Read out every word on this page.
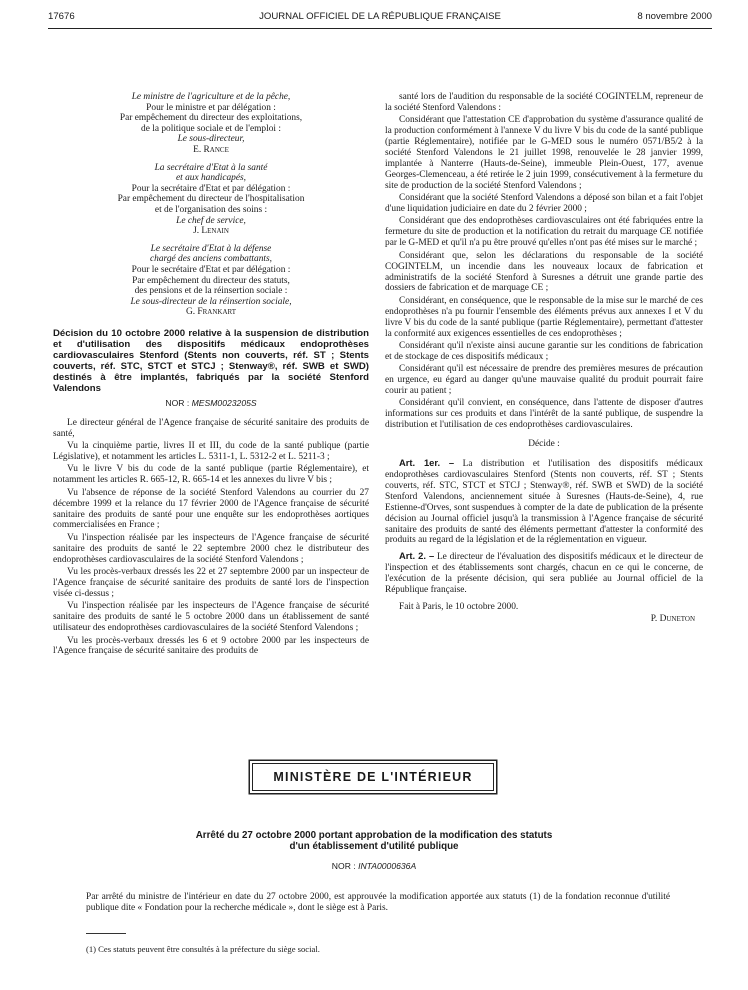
17676	JOURNAL OFFICIEL DE LA RÉPUBLIQUE FRANÇAISE	8 novembre 2000
Le ministre de l'agriculture et de la pêche,
Pour le ministre et par délégation :
Par empêchement du directeur des exploitations,
de la politique sociale et de l'emploi :
Le sous-directeur,
E. Rance
La secrétaire d'Etat à la santé
et aux handicapés,
Pour la secrétaire d'Etat et par délégation :
Par empêchement du directeur de l'hospitalisation
et de l'organisation des soins :
Le chef de service,
J. Lenain
Le secrétaire d'Etat à la défense
chargé des anciens combattants,
Pour le secrétaire d'Etat et par délégation :
Par empêchement du directeur des statuts,
des pensions et de la réinsertion sociale :
Le sous-directeur de la réinsertion sociale,
G. Frankart
Décision du 10 octobre 2000 relative à la suspension de distribution et d'utilisation des dispositifs médicaux endoprothèses cardiovasculaires Stenford (Stents non couverts, réf. ST ; Stents couverts, réf. STC, STCT et STCJ ; Stenway®, réf. SWB et SWD) destinés à être implantés, fabriqués par la société Stenford Valendons
NOR : MESM0023205S

Le directeur général de l'Agence française de sécurité sanitaire des produits de santé,

Vu la cinquième partie, livres II et III, du code de la santé publique (partie Législative), et notamment les articles L. 5311-1, L. 5312-2 et L. 5211-3 ;

Vu le livre V bis du code de la santé publique (partie Réglementaire), et notamment les articles R. 665-12, R. 665-14 et les annexes du livre V bis ;

Vu l'absence de réponse de la société Stenford Valendons au courrier du 27 décembre 1999 et la relance du 17 février 2000 de l'Agence française de sécurité sanitaire des produits de santé pour une enquête sur les endoprothèses aortiques commercialisées en France ;

Vu l'inspection réalisée par les inspecteurs de l'Agence française de sécurité sanitaire des produits de santé le 22 septembre 2000 chez le distributeur des endoprothèses cardiovasculaires de la société Stenford Valendons ;

Vu les procès-verbaux dressés les 22 et 27 septembre 2000 par un inspecteur de l'Agence française de sécurité sanitaire des produits de santé lors de l'inspection visée ci-dessus ;

Vu l'inspection réalisée par les inspecteurs de l'Agence française de sécurité sanitaire des produits de santé le 5 octobre 2000 dans un établissement de santé utilisateur des endoprothèses cardiovasculaires de la société Stenford Valendons ;

Vu les procès-verbaux dressés les 6 et 9 octobre 2000 par les inspecteurs de l'Agence française de sécurité sanitaire des produits de

santé lors de l'audition du responsable de la société COGINTELM, repreneur de la société Stenford Valendons :

Considérant que l'attestation CE d'approbation du système d'assurance qualité de la production conformément à l'annexe V du livre V bis du code de la santé publique (partie Réglementaire), notifiée par le G-MED sous le numéro 0571/B5/2 à la société Stenford Valendons le 21 juillet 1998, renouvelée le 28 janvier 1999, implantée à Nanterre (Hauts-de-Seine), immeuble Plein-Ouest, 177, avenue Georges-Clemenceau, a été retirée le 2 juin 1999, consécutivement à la fermeture du site de production de la société Stenford Valendons ;

Considérant que la société Stenford Valendons a déposé son bilan et a fait l'objet d'une liquidation judiciaire en date du 2 février 2000 ;

Considérant que des endoprothèses cardiovasculaires ont été fabriquées entre la fermeture du site de production et la notification du retrait du marquage CE notifiée par le G-MED et qu'il n'a pu être prouvé qu'elles n'ont pas été mises sur le marché ;

Considérant que, selon les déclarations du responsable de la société COGINTELM, un incendie dans les nouveaux locaux de fabrication et administratifs de la société Stenford à Suresnes a détruit une grande partie des dossiers de fabrication et de marquage CE ;

Considérant, en conséquence, que le responsable de la mise sur le marché de ces endoprothèses n'a pu fournir l'ensemble des éléments prévus aux annexes I et V du livre V bis du code de la santé publique (partie Réglementaire), permettant d'attester la conformité aux exigences essentielles de ces endoprothèses ;

Considérant qu'il n'existe ainsi aucune garantie sur les conditions de fabrication et de stockage de ces dispositifs médicaux ;

Considérant qu'il est nécessaire de prendre des premières mesures de précaution en urgence, eu égard au danger qu'une mauvaise qualité du produit pourrait faire courir au patient ;

Considérant qu'il convient, en conséquence, dans l'attente de disposer d'autres informations sur ces produits et dans l'intérêt de la santé publique, de suspendre la distribution et l'utilisation de ces endoprothèses cardiovasculaires.

Décide :

Art. 1er. – La distribution et l'utilisation des dispositifs médicaux endoprothèses cardiovasculaires Stenford (Stents non couverts, réf. ST ; Stents couverts, réf. STC, STCT et STCJ ; Stenway®, réf. SWB et SWD) de la société Stenford Valendons, anciennement située à Suresnes (Hauts-de-Seine), 4, rue Estienne-d'Orves, sont suspendues à compter de la date de publication de la présente décision au Journal officiel jusqu'à la transmission à l'Agence française de sécurité sanitaire des produits de santé des éléments permettant d'attester la conformité des produits au regard de la législation et de la réglementation en vigueur.

Art. 2. – Le directeur de l'évaluation des dispositifs médicaux et le directeur de l'inspection et des établissements sont chargés, chacun en ce qui le concerne, de l'exécution de la présente décision, qui sera publiée au Journal officiel de la République française.

Fait à Paris, le 10 octobre 2000.

P. Duneton
MINISTÈRE DE L'INTÉRIEUR
Arrêté du 27 octobre 2000 portant approbation de la modification des statuts
d'un établissement d'utilité publique
NOR : INTA0000636A

Par arrêté du ministre de l'intérieur en date du 27 octobre 2000, est approuvée la modification apportée aux statuts (1) de la fondation reconnue d'utilité publique dite « Fondation pour la recherche médicale », dont le siège est à Paris.

(1) Ces statuts peuvent être consultés à la préfecture du siège social.
